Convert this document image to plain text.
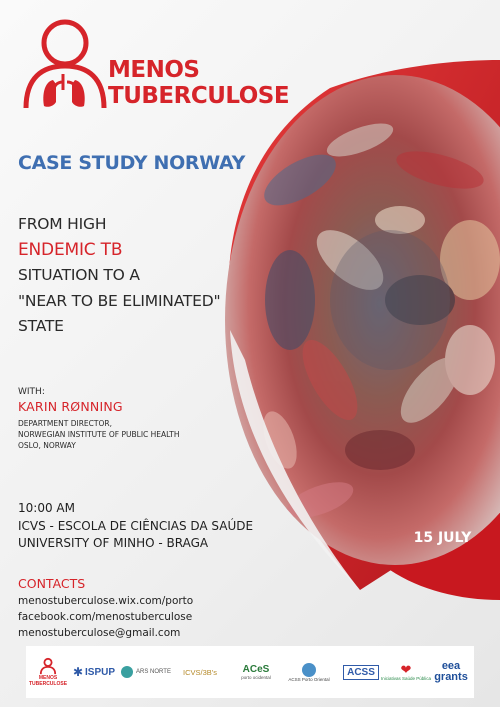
MENOS
TUBERCULOSE
CASE STUDY NORWAY
FROM HIGH
ENDEMIC TB
SITUATION TO A
"NEAR TO BE ELIMINATED"
STATE
WITH:
KARIN RØNNING
DEPARTMENT DIRECTOR,
NORWEGIAN INSTITUTE OF PUBLIC HEALTH
OSLO, NORWAY
10:00 AM
ICVS - ESCOLA DE CIÊNCIAS DA SAÚDE
UNIVERSITY OF MINHO - BRAGA	15 JULY
CONTACTS
menostuberculose.wix.com/porto
facebook.com/menostuberculose
menostuberculose@gmail.com
MENOS
TUBERCULOSE
✱ ISPUP	ARS NORTE ICVS/3B's	ACeS
porto ocidental	ACSS Porto Oriental
ACSS	❤
Iniciativas Saúde Pública
eea
grants
